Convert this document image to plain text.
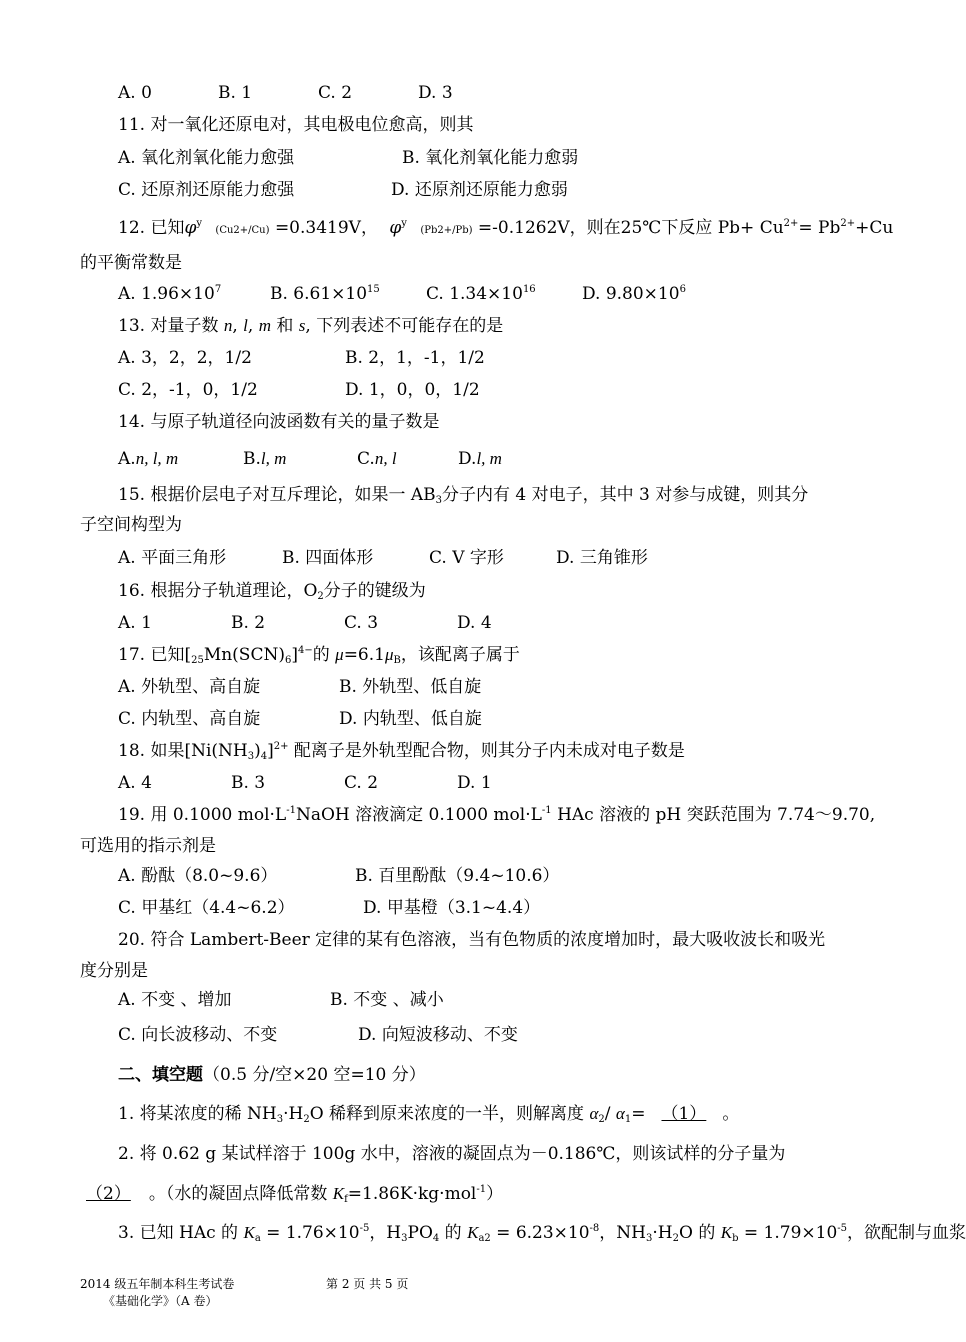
A. 0	B. 1	C. 2	D. 3
11. 对一氧化还原电对，其电极电位愈高，则其
A. 氧化剂氧化能力愈强	B. 氧化剂氧化能力愈弱
C. 还原剂还原能力愈强	D. 还原剂还原能力愈弱
12. 已知$\varphi^y$ (Cu2+/Cu) =0.3419V， $\varphi^y$ (Pb2+/Pb) =-0.1262V，则在25℃下反应 $Pb+ Cu^{2+}= Pb^{2+}+Cu$
的平衡常数是
A. $1.96\times 10^7$	B. $6.61\times 10^{15}$	C. $1.34\times 10^{16}$	D. $9.80\times 10^6$
13. 对量子数 n, l, m 和 s, 下列表述不可能存在的是
A. 3，2，2，1/2	B. 2，1，-1，1/2
C. 2，-1，0，1/2	D. 1，0，0，1/2
14. 与原子轨道径向波函数有关的量子数是
A.n, l, m	B.l, m	C.n, l	D.l, m
15. 根据价层电子对互斥理论，如果一 $AB_3$分子内有 4 对电子，其中 3 对参与成键，则其分
子空间构型为
A. 平面三角形	B. 四面体形	C. V 字形	D. 三角锥形
16. 根据分子轨道理论，$O_2$分子的键级为
A. 1	B. 2	C. 3	D. 4
17. 已知$[_{25}Mn(SCN)_6]^{4-}$的 $\mu=6.1\mu_B$，该配离子属于
A. 外轨型、高自旋	B. 外轨型、低自旋
C. 内轨型、高自旋	D. 内轨型、低自旋
18. 如果$[Ni(NH_3)_4]^{2+}$ 配离子是外轨型配合物，则其分子内未成对电子数是
A. 4	B. 3	C. 2	D. 1
19. 用 0.1000 $mol\cdot L^{-1}NaOH$ 溶液滴定 0.1000 $mol\cdot L^{-1}$ HAc 溶液的 pH 突跃范围为 7.74～9.70,
可选用的指示剂是
A. 酚酞（8.0~9.6）	B. 百里酚酞（9.4~10.6）
C. 甲基红（4.4~6.2）	D. 甲基橙（3.1~4.4）
20. 符合 Lambert-Beer 定律的某有色溶液，当有色物质的浓度增加时，最大吸收波长和吸光
度分别是
A. 不变 、增加	B. 不变 、减小
C. 向长波移动、不变	D. 向短波移动、不变
二、填空题（0.5 分/空×20 空=10 分）
1. 将某浓度的稀 $NH_3\cdot H_2O$ 稀释到原来浓度的一半，则解离度 $\alpha_2/$ $\alpha_1= (1)$ 。
2. 将 0.62 g 某试样溶于 100g 水中，溶液的凝固点为－0.186℃，则该试样的分子量为
（2） 。（水的凝固点降低常数 $K_f=1.86K\cdot kg\cdot mol^{-1}$）
3. 已知 HAc 的 $K_a = 1.76\times 10^{-5}$，$H_3PO_4$ 的 $K_{a2} = 6.23\times 10^{-8}$，$NH_3\cdot H_2O$ 的 $K_b = 1.79\times 10^{-5}$，欲配制与血浆
2014 级五年制本科生考试卷
《基础化学》（A 卷）
第 2 页 共 5 页
